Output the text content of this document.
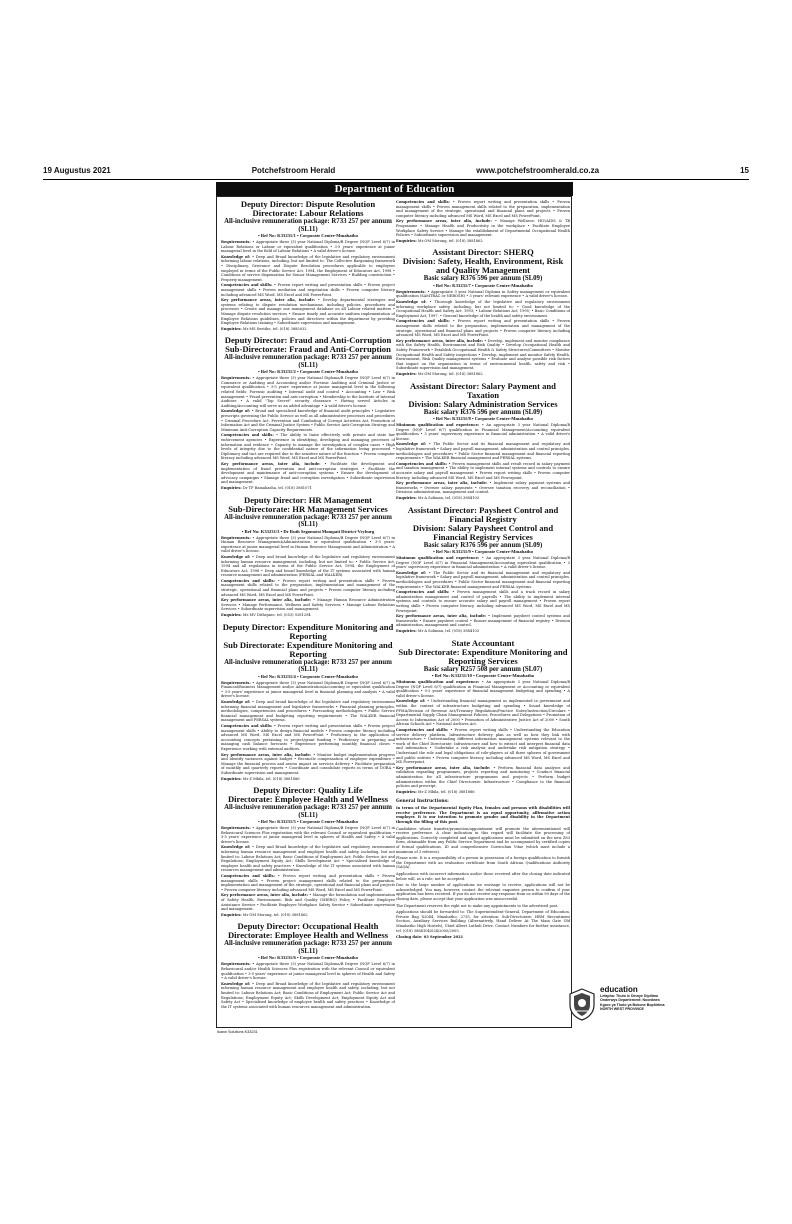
19 Augustus 2021	Potchefstroom Herald	www.potchefstroomherald.co.za	15
Department of Education
Deputy Director: Dispute Resolution
Directorate: Labour Relations
All-inclusive remuneration package: R733 257 per annum (SL11)
• Ref No: K33231/1 • Corporate Centre-Mmabatho
Requirements: • Appropriate three (3) year National Diploma/B Degree (NQF Level 6/7) in Labour Relations or Labour or equivalent qualification • 3-5 years' experience at junior managerial level in the field of Labour Relations • A valid driver's license.
Knowledge of: • Deep and Broad knowledge of the legislative and regulatory environment informing labour relations, including, but not limited to: The Collective Bargaining framework • Disciplinary, Grievance and Dispute Resolution procedures applicable to employees employed in terms of the Public Service Act, 1994, the Employment of Educators Act, 1998 • Conditions of service dispensation for Senior Management Services • Building construction • Property management.
Competencies and skills: • Proven report writing and presentation skills • Proven project management skills • Proven mediation and negotiation skills • Proven computer literacy including advanced MS Word, MS Excel and MS PowerPoint.
Key performance areas, inter alia, include: • Develop departmental strategies and systems relating to dispute resolution mechanisms, including policies, procedures and processes • Create and manage one management database on all Labour related matters • Manage dispute resolution services • Ensure timely and accurate uniform implementation of Employee Relations guidelines, policies and directives within the department by providing Employee Relations training • Subordinate supervision and management.
Enquiries: Mr MS Seetihe, tel. (018) 3885032
Deputy Director: Fraud and Anti-Corruption
Sub-Directorate: Fraud and Anti-Corruption
All-inclusive remuneration package: R733 257 per annum (SL11)
• Ref No: K33231/2 • Corporate Centre-Mmabatho
Requirements: • Appropriate three (3) year National Diploma/B Degree (NQF Level 6/7) in Commerce or Auditing and Accounting and/or Forensic Auditing and Criminal Justice or equivalent qualification • 3-5 years' experience at junior managerial level in the following related fields: Forensic auditing • Internal audit and control • Accounting • Law • Risk management • Fraud prevention and anti-corruption • Membership to the Institute of Internal Auditors • A valid "Top Secret" security clearance • Having served Articles in Auditing/Accounting will serve as an added advantage • A valid driver's license.
Knowledge of: • Broad and specialised knowledge of financial audit principles • Legislative prescripts governing the Public Service as well as all administrative processes and procedures • Criminal Procedure Act, Prevention and Combating of Corrupt Activities Act, Promotion of Information Act and the Criminal Justice System • Public Service Anti-Corruption Strategy and Minimum Anti-Corruption Capacity Requirements.
Competencies and skills: • The ability to liaise effectively with private and state law enforcement agencies • Experience in identifying, developing and managing processes of information and evidence • Capacity to manage the investigation of complex cases • High levels of integrity due to the confidential nature of the information being processed • Diplomacy and tact are required due to the sensitive nature of the function • Proven computer literacy including advanced MS Word, MS Excel and MS PowerPoint.
Key performance areas, inter alia, include: • Facilitate the development and implementation of fraud prevention and anti-corruption strategies • Facilitate the development and maintenance of anti-corruption systems • Ensure the development of advocacy campaigns • Manage fraud and corruption investigation • Subordinate supervision and management.
Enquiries: Dr TP Ramahasha, tel. (018) 3881071
Deputy Director: HR Management
Sub-Directorate: HR Management Services
All-inclusive remuneration package: R733 257 per annum (SL11)
• Ref No: K33231/3 • Dr Ruth Segomotsi Mompati District-Vryburg
Requirements: • Appropriate three (3) year National Diploma/B Degree (NQF Level 6/7) in Human Resource Management/Administration or equivalent qualification • 3-5 years' experience at junior managerial level in Human Resource Management and Administration • A valid driver's license.
Knowledge of: • Deep and broad knowledge of the legislative and regulatory environment informing human resource management, including, but not limited to: • Public Service Act, 1994 and all regulations in terms of the Public Service Act, 1994, the Employment of Educators Act, 1998 • Deep and broad knowledge of the IT systems associated with human resource management and administration (PERSAL and WALKER).
Competencies and skills: • Proven report writing and presentation skills • Proven management skills related to the preparation, implementation and management of the strategic, operational and financial plans and projects • Proven computer literacy including advanced MS Word, MS Excel and MS PowerPoint.
Key performance areas, inter alia, include: • Manage Human Resource Administration Services • Manage Performance, Wellness and Safety Services • Manage Labour Relations Services • Subordinate supervision and management.
Enquiries: Ms MV Dithejane, tel. (053) 9281294
Deputy Director: Expenditure Monitoring and Reporting
Sub Directorate: Expenditure Monitoring and Reporting
All-inclusive remuneration package: R733 257 per annum (SL11)
• Ref No: K33231/4 • Corporate Centre-Mmabatho
Requirements: • Appropriate three (3) year National Diploma/B Degree (NQF Level 6/7) in Financial/Business Management and/or Administration/Accounting or equivalent qualification • 3-5 years' experience at junior managerial level in financial planning and analysis • A valid driver's license.
Knowledge of: • Deep and broad knowledge of the legislative and regulatory environment informing financial management and legislative frameworks • Financial planning principles, methodologies, competencies and procedures • Forecasting methodologies • Public Service financial management and budgeting reporting requirements • The WALKER financial management and PERSAL systems.
Competencies and skills: • Proven report writing and presentation skills • Proven project management skills • Ability to design financial models • Proven computer literacy including advanced MS Word, MS Excel and MS PowerPoint • Proficiency in the application of accounting concepts pertaining to project/grant funding • Proficiency in preparing and managing cash balance forecasts • Experience performing monthly financial closes • Experience working with external auditors.
Key performance areas, inter alia, include: • Monitor budget implementation progress and identify variances against budget • Reconcile compensation of employee expenditure • Manage the financial process and assess impact on services delivery • Facilitate preparation of monthly and quarterly reports • Coordinate and consolidate reports in terms of DORA • Subordinate supervision and management.
Enquiries: Mr Z Mbila, tel. (018) 3881886
Deputy Director: Quality Life
Directorate: Employee Health and Wellness
All-inclusive remuneration package: R733 257 per annum (SL11)
• Ref No: K33231/5 • Corporate Centre-Mmabatho
Requirements: • Appropriate three (3) year National Diploma/B Degree (NQF Level 6/7) in Behavioural Sciences Plus registration with the relevant Council or equivalent qualification • 3-5 years' experience at junior managerial level in spheres of Health and Safety • A valid driver's license.
Knowledge of: • Deep and Broad knowledge of the legislative and regulatory environment informing human resource management and employee health and safety, including, but not limited to: Labour Relations Act; Basic Conditions of Employment Act; Public Service Act and Regulations; Employment Equity Act; Skills Development Act • Specialised knowledge of employee health and safety practices • Knowledge of the IT systems associated with human resources management and administration.
Competencies and skills: • Proven report writing and presentation skills • Proven management skills • Proven project management skills related to the preparation, implementation and management of the strategic, operational and financial plans and projects • Proven computer literacy including advanced MS Word, MS Excel and MS PowerPoint.
Key performance areas, inter alia, include: • Manage the formulation and implementation of Safety Health, Environment, Risk and Quality (SHERQ) Policy • Facilitate Employee Assistance Service • Facilitate Employee Workplace Safety Service • Subordinate supervision and management.
Enquiries: Mr OM Morong, tel. (018) 3881862
Deputy Director: Occupational Health
Directorate: Employee Health and Wellness
All-inclusive remuneration package: R733 257 per annum (SL11)
• Ref No: K33231/6 • Corporate Centre-Mmabatho
Requirements: • Appropriate three (3) year National Diploma/B Degree (NQF Level 6/7) in Behavioural and/or Health Sciences Plus registration with the relevant Council or equivalent qualification • 3-5 years' experience at junior managerial level in spheres of Health and Safety • A valid driver's license.
Knowledge of: • Deep and Broad knowledge of the legislative and regulatory environment informing human resource management and employee health and safety, including, but not limited to: Labour Relations Act; Basic Conditions of Employment Act; Public Service Act and Regulations; Employment Equity Act; Skills Development Act; Employment Equity Act and Safety Act • Specialised knowledge of employee health and safety practices • Knowledge of the IT systems associated with human resources management and administration.
Competencies and skills: • Proven report writing and presentation skills • Proven management skills • Proven management skills related to the preparation, implementation and management of the strategic, operational and financial plans and projects • Proven computer literacy including advanced MS Word, MS Excel and MS PowerPoint.
Key performance areas, inter alia, include: • Manage Wellness: HIV/AIDS & TB Programme • Manage Health and Productivity in the workplace • Facilitate Employee Workplace Safety Service • Manage the establishment of Departmental Occupational Health Policies • Subordinate supervision and management.
Enquiries: Mr OM Morong, tel. (018) 3881862
Assistant Director: SHERQ
Division: Safety, Health, Environment, Risk and Quality Management
Basic salary R376 596 per annum (SL09)
• Ref No: K33231/7 • Corporate Centre-Mmabatho
Requirements: • Appropriate 3 year National Diploma in Safety management or equivalent qualification (SAMTRAC or NEBOSH) • 3 years' relevant experience • A valid driver's license.
Knowledge of: • Thorough knowledge of the legislative and regulatory environment informing workplace safety, including, but not limited to: • Good knowledge of the Occupational Health and Safety Act, 1993; • Labour Relations Act, 1995; • Basic Conditions of Employment Act, 1997. • General knowledge of the health and safety environment.
Competencies and skills: • Proven report writing and presentation skills • Proven management skills related to the preparation, implementation and management of the strategic, operational and financial plans and projects • Proven computer literacy including advanced MS Word, MS Excel and MS PowerPoint.
Key performance areas, inter alia, include: • Develop, implement and monitor compliance with the Safety Health, Environment and Risk Quality • Develop Occupational Health and Safety Framework • Establish Occupational Health & Safety Structures/Committees • Monitor Occupational Health and Safety inspections • Develop, implement and monitor Safety Health, Environment, Risk Quality management systems • Evaluate and analyse possible risk factors that impact on the organisation in terms of environmental health, safety and risk • Subordinate supervision and management.
Enquiries: Mr OM Morong, tel. (018) 3881862
Assistant Director: Salary Payment and Taxation
Division: Salary Administration Services
Basic salary R376 596 per annum (SL09)
• Ref No: K33231/8 • Corporate Centre-Mmabatho
Minimum qualification and experience: • An appropriate 3 year National Diploma/B Degree (NQF Level 6/7) qualification in Financial Management/Accounting equivalent qualification • 3 years' supervisory experience in financial administration • A valid driver's license.
Knowledge of: • The Public Sector and its financial management and regulatory and legislative framework • Salary and payroll management, administration and control principles, methodologies and procedures • Public Sector financial management and financial reporting requirements • The WALKER financial management and PERSAL systems.
Competencies and skills: • Proven management skills and result record in salary payment and taxation management • The ability to implement internal systems and controls to ensure accurate salary and payroll management • Proven report writing skills • Proven computer literacy, including advanced MS Word, MS Excel and MS Powerpoint.
Key performance areas, inter alia, include: • Implement salary payment systems and frameworks • Oversee salary payments • Oversee taxation recovery and reconciliation • Divisions administration, management and control.
Enquiries: Mr A Soliman, tel. (018) 3884103
Assistant Director: Paysheet Control and Financial Registry
Division: Salary Paysheet Control and Financial Registry Services
Basic salary R376 596 per annum (SL09)
• Ref No: K33231/9 • Corporate Centre-Mmabatho
Minimum qualification and experience: • An appropriate 3 year National Diploma/B Degree (NQF Level 6/7) in Financial Management/Accounting equivalent qualification • 3 years' supervisory experience in financial administration • A valid driver's license.
Knowledge of: • The Public Sector and its financial management and regulatory and legislative framework • Salary and payroll management, administration and control principles, methodologies and procedures • Public Sector financial management and financial reporting requirements • The WALKER financial management and PERSAL systems.
Competencies and skills: • Proven management skills and a track record in salary administration management and control of payrolls • The ability to implement internal systems and controls to ensure accurate salary and payroll management • Proven report writing skills • Proven computer literacy, including advanced MS Word, MS Excel and MS Powerpoint.
Key performance areas, inter alia, include: • Implement paysheet control systems and frameworks • Ensure paysheet control • Ensure management of financial registry • Division administration, management and control.
Enquiries: Mr A Soliman, tel. (018) 3884103
State Accountant
Sub Directorate: Expenditure Monitoring and Reporting Services
Basic salary R257 508 per annum (SL07)
• Ref No: K33231/10 • Corporate Centre-Mmabatho
Minimum qualification and experience: • An appropriate 3 year National Diploma/B Degree (NQF Level 6/7) qualification in Financial Management or Accounting or equivalent qualification • 0-2 years' experience of financial management budgeting and spending • A valid driver's license.
Knowledge of: • Understanding financial management as implemented in government and within the context of infrastructure budgeting and spending • Sound knowledge of PFMA/Division of Revenue Act/Treasury Regulations/Practice Notes/Instruction/Circulars • Departmental Supply Chain Management Policies, Procedures and Delegations • Promotion of Access to Information Act of 2000 • Promotion of Administrative Justice Act of 2000 • South African Schools Act • National Archives Act.
Competencies and skills: • Proven report writing skills • Understanding the Education service delivery platform, Infrastructure delivery plan as well as how they link with infrastructure • Understanding different information management systems relevant to the work of the Chief Directorate: Infrastructure and how to extract and interpret financial data and information • Undertake a risk analysis and undertake risk mitigation strategy • Understand the role and legal obligations of role-players at all three spheres of government and public entities • Proven computer literacy, including advanced MS Word, MS Excel and MS Powerpoint.
Key performance areas, inter alia, include: • Perform financial data analyses and validation regarding programmes, projects reporting and monitoring • Conduct financial administration for all infrastructure programmes and projects • Perform budget administration within the Chief Directorate: Infrastructure • Compliance to the financial policies and prescript.
Enquiries: Mr Z Mbila, tel. (018) 3881886
General Instructions:
In terms of the Departmental Equity Plan, females and persons with disabilities will receive preference. The Department is an equal opportunity, affirmative action employer. It is our intention to promote gender and disability in the Department through the filling of this post.
Candidates whose transfer/promotion/appointment will promote the aforementioned will receive preference. A clear indication in this regard will facilitate the processing of applications. Correctly completed and signed applications must be submitted on the new Z83 form, obtainable from any Public Service Department and be accompanied by certified copies of formal qualifications, ID and comprehensive Curriculum Vitae (which must include a minimum of 3 referees).
Please note: It is a responsibility of a person in possession of a foreign qualification to furnish the Department with an evaluation certificate from South African Qualifications Authority (SAQA).
Applications with incorrect information and/or those received after the closing date indicated below will, as a rule, not be accepted.
Due to the large number of applications we envisage to receive, applications will not be acknowledged. You may, however, contact the relevant enquiries person to confirm if your application has been received. If you do not receive any response from us within 90 days of the closing date, please accept that your application was unsuccessful.
The Department reserves the right not to make any appointments to the advertised post.
Applications should be forwarded to: The Superintendent-General, Department of Education, Private Bag X2044, Mmabatho, 2735, for attention: Sub-Directorate: HRM Recruitment Section, Auxiliary Services Building (Alternatively, Hand Deliver At The Main Gate Old Mmabatho High Hostels), Chief Albert Luthuli Drive. Contact Numbers for further assistance, tel. (018) 3884104/024/2000/2005.
Closing date: 03 September 2021
education
Lefapha: Thuto le Dinnye Dipilimo
Onderwys Departement: Noordwes
Kgoro ya Thuto ya Bokone Bophirima
NORTH WEST PROVINCE
Ikanw Solutions K33231
